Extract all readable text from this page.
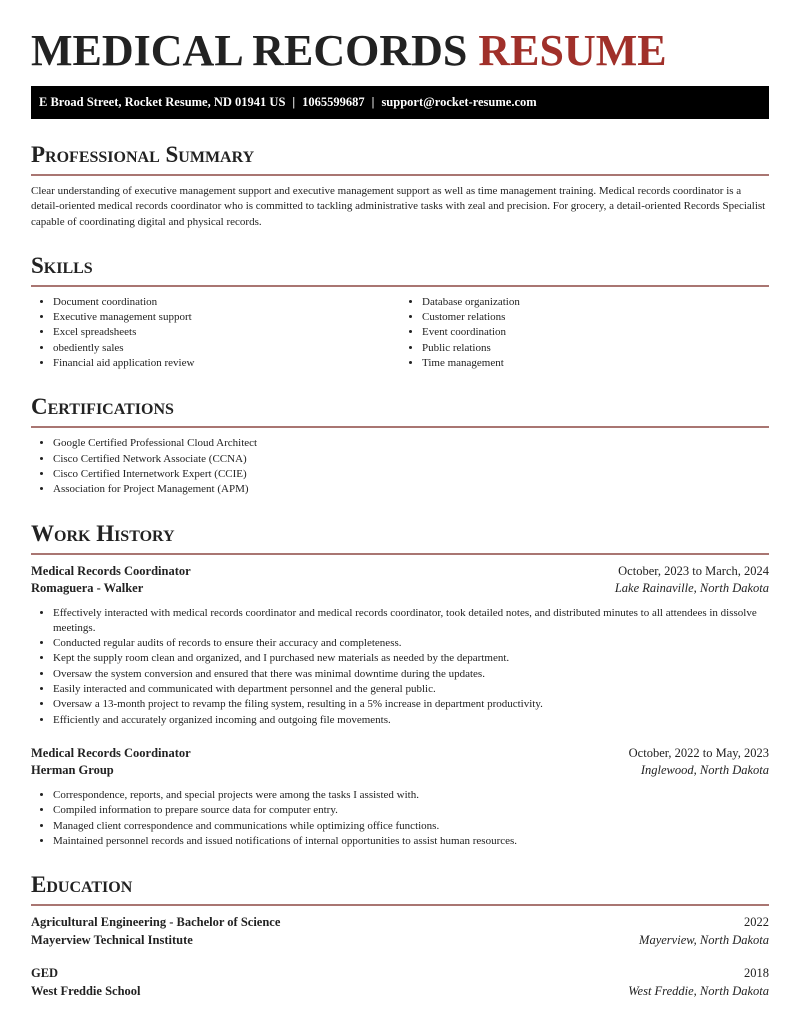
MEDICAL RECORDS RESUME
E Broad Street, Rocket Resume, ND 01941 US | 1065599687 | support@rocket-resume.com
Professional Summary

Clear understanding of executive management support and executive management support as well as time management training. Medical records coordinator is a detail-oriented medical records coordinator who is committed to tackling administrative tasks with zeal and precision. For grocery, a detail-oriented Records Specialist capable of coordinating digital and physical records.

Skills
• Document coordination
• Executive management support
• Excel spreadsheets
• obediently sales
• Financial aid application review
• Database organization
• Customer relations
• Event coordination
• Public relations
• Time management
Certifications
• Google Certified Professional Cloud Architect
• Cisco Certified Network Associate (CCNA)
• Cisco Certified Internetwork Expert (CCIE)
• Association for Project Management (APM)
Work History
Medical Records Coordinator	October, 2023 to March, 2024
Romaguera - Walker	Lake Rainaville, North Dakota
• Effectively interacted with medical records coordinator and medical records coordinator, took detailed notes, and distributed minutes to all attendees in dissolve meetings.
• Conducted regular audits of records to ensure their accuracy and completeness.
• Kept the supply room clean and organized, and I purchased new materials as needed by the department.
• Oversaw the system conversion and ensured that there was minimal downtime during the updates.
• Easily interacted and communicated with department personnel and the general public.
• Oversaw a 13-month project to revamp the filing system, resulting in a 5% increase in department productivity.
• Efficiently and accurately organized incoming and outgoing file movements.
Medical Records Coordinator	October, 2022 to May, 2023
Herman Group	Inglewood, North Dakota
• Correspondence, reports, and special projects were among the tasks I assisted with.
• Compiled information to prepare source data for computer entry.
• Managed client correspondence and communications while optimizing office functions.
• Maintained personnel records and issued notifications of internal opportunities to assist human resources.
Education
Agricultural Engineering - Bachelor of Science	2022
Mayerview Technical Institute	Mayerview, North Dakota
GED	2018
West Freddie School	West Freddie, North Dakota
